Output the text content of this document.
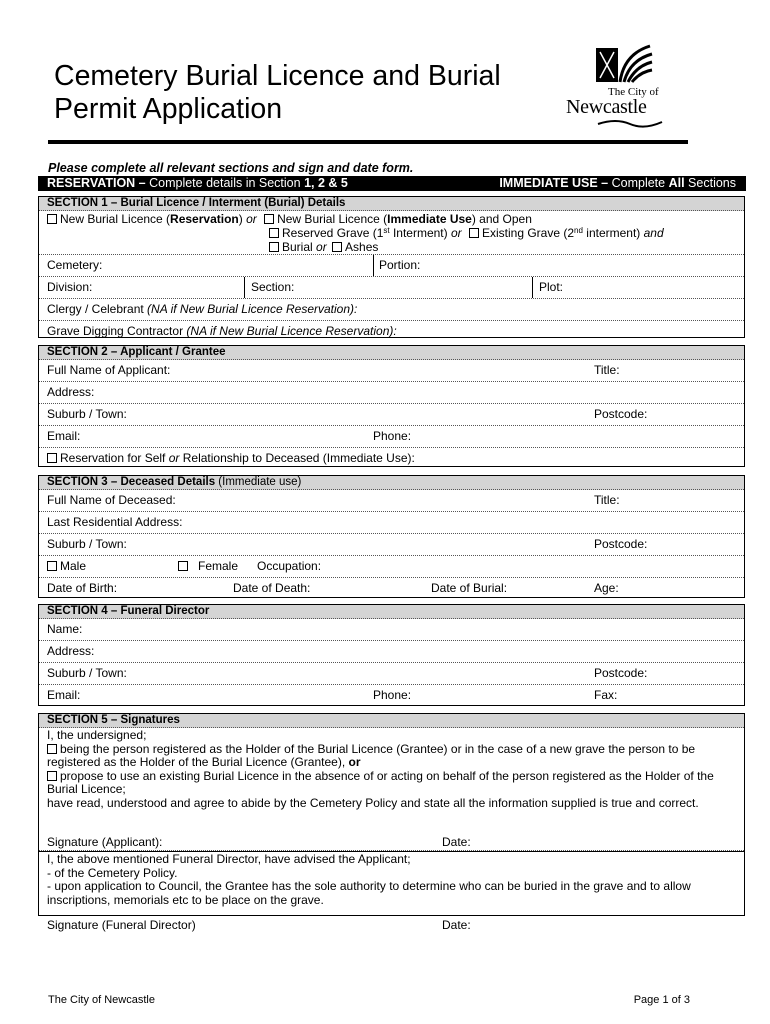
Cemetery Burial Licence and Burial
Permit Application
The City of
Newcastle
Please complete all relevant sections and sign and date form.
RESERVATION – Complete details in Section 1, 2 & 5	IMMEDIATE USE – Complete All Sections
SECTION 1 – Burial Licence / Interment (Burial) Details
New Burial Licence (Reservation) or New Burial Licence (Immediate Use) and Open
Reserved Grave (1st Interment) or Existing Grave (2nd interment) and
Burial or Ashes
Cemetery:	Portion:
Division:	Section:	Plot:
Clergy / Celebrant (NA if New Burial Licence Reservation):
Grave Digging Contractor (NA if New Burial Licence Reservation):
SECTION 2 – Applicant / Grantee
Full Name of Applicant:	Title:
Address:
Suburb / Town:	Postcode:
Email:	Phone:
Reservation for Self or Relationship to Deceased (Immediate Use):
SECTION 3 – Deceased Details (Immediate use)
Full Name of Deceased:	Title:
Last Residential Address:
Suburb / Town:	Postcode:
Male	Female Occupation:
Date of Birth:	Date of Death:	Date of Burial:	Age:
SECTION 4 – Funeral Director
Name:
Address:
Suburb / Town:	Postcode:
Email:	Phone:	Fax:
SECTION 5 – Signatures
I, the undersigned;
being the person registered as the Holder of the Burial Licence (Grantee) or in the case of a new grave the person to be
registered as the Holder of the Burial Licence (Grantee), or
propose to use an existing Burial Licence in the absence of or acting on behalf of the person registered as the Holder of the
Burial Licence;
have read, understood and agree to abide by the Cemetery Policy and state all the information supplied is true and correct.
Signature (Applicant):	Date:
I, the above mentioned Funeral Director, have advised the Applicant;
- of the Cemetery Policy.
- upon application to Council, the Grantee has the sole authority to determine who can be buried in the grave and to allow
inscriptions, memorials etc to be place on the grave.
Signature (Funeral Director)	Date:
The City of Newcastle	Page 1 of 3
